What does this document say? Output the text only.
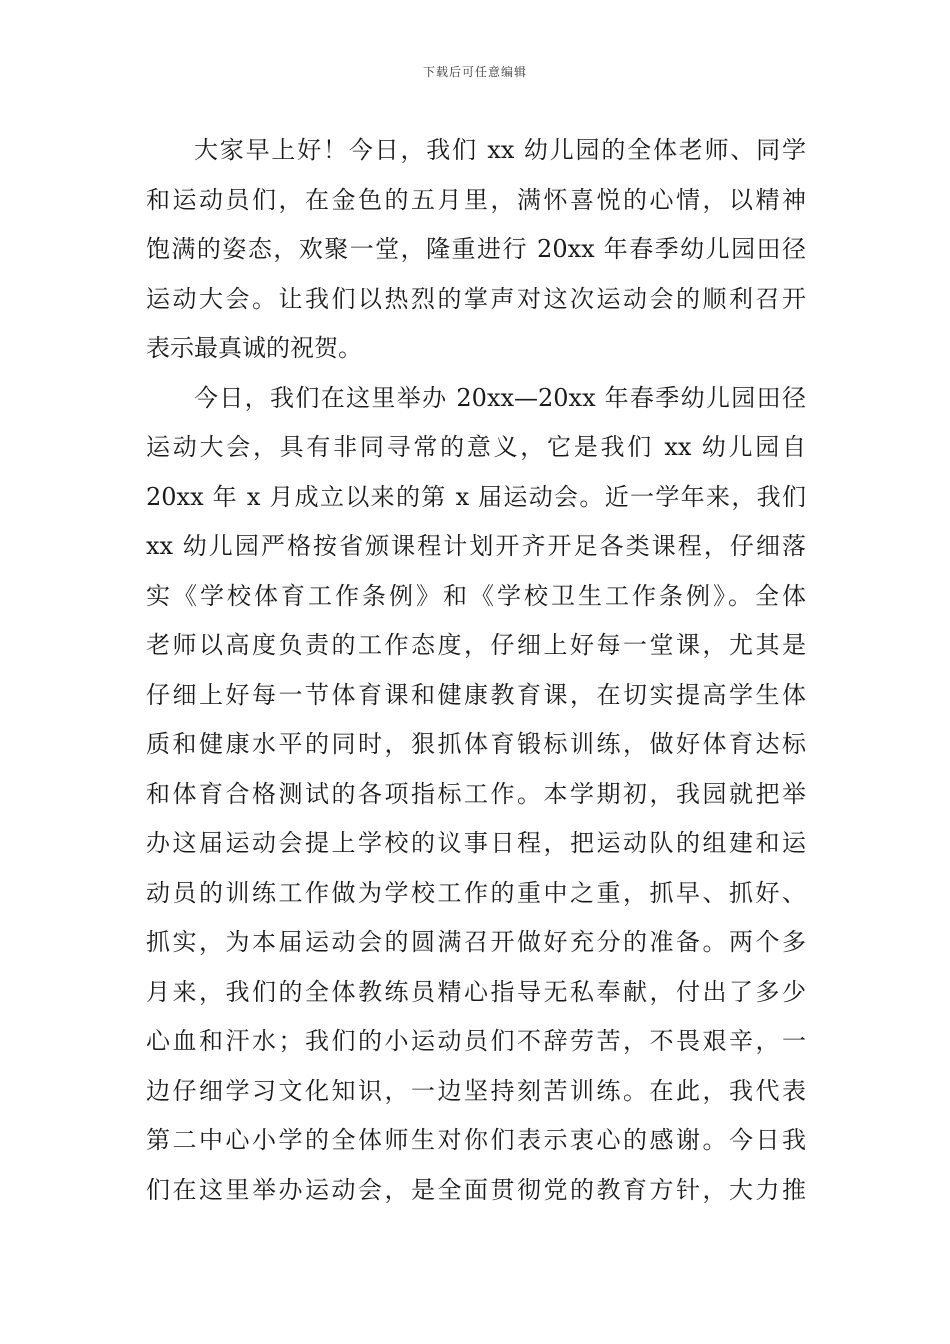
下载后可任意编辑
大家早上好！今日，我们 xx 幼儿园的全体老师、同学
和运动员们，在金色的五月里，满怀喜悦的心情，以精神
饱满的姿态，欢聚一堂，隆重进行 20xx 年春季幼儿园田径
运动大会。让我们以热烈的掌声对这次运动会的顺利召开
表示最真诚的祝贺。
今日，我们在这里举办 20xx—20xx 年春季幼儿园田径
运动大会，具有非同寻常的意义，它是我们 xx 幼儿园自
20xx 年 x 月成立以来的第 x 届运动会。近一学年来，我们
xx 幼儿园严格按省颁课程计划开齐开足各类课程，仔细落
实《学校体育工作条例》和《学校卫生工作条例》。全体
老师以高度负责的工作态度，仔细上好每一堂课，尤其是
仔细上好每一节体育课和健康教育课，在切实提高学生体
质和健康水平的同时，狠抓体育锻标训练，做好体育达标
和体育合格测试的各项指标工作。本学期初，我园就把举
办这届运动会提上学校的议事日程，把运动队的组建和运
动员的训练工作做为学校工作的重中之重，抓早、抓好、
抓实，为本届运动会的圆满召开做好充分的准备。两个多
月来，我们的全体教练员精心指导无私奉献，付出了多少
心血和汗水；我们的小运动员们不辞劳苦，不畏艰辛，一
边仔细学习文化知识，一边坚持刻苦训练。在此，我代表
第二中心小学的全体师生对你们表示衷心的感谢。今日我
们在这里举办运动会，是全面贯彻党的教育方针，大力推
